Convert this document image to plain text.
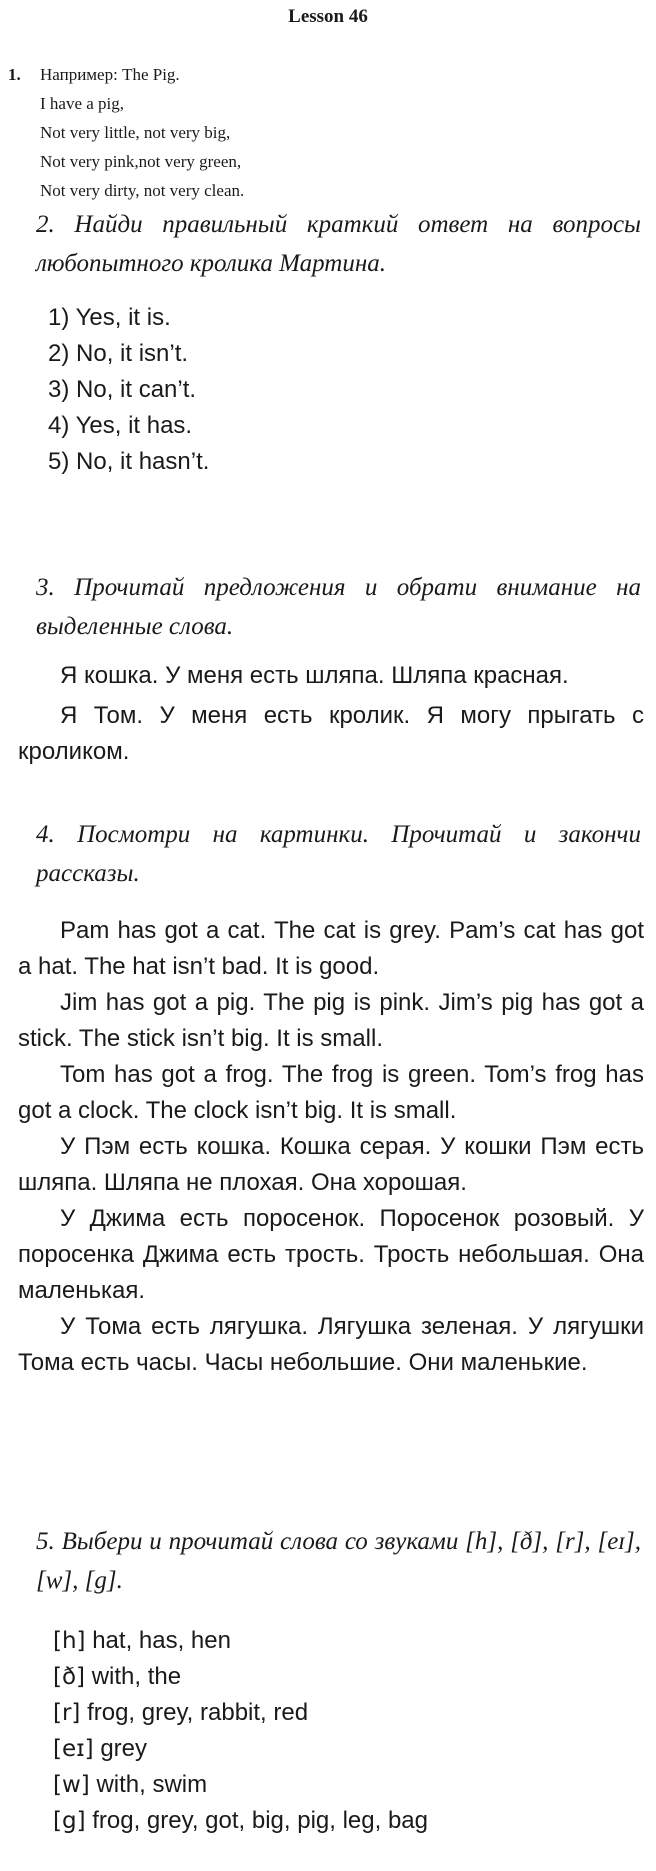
Lesson 46
1. Например: The Pig.
I have a pig,
Not very little, not very big,
Not very pink,not very green,
Not very dirty, not very clean.
2. Найди правильный краткий ответ на вопросы любопытного кролика Мартина.
1) Yes, it is.
2) No, it isn’t.
3) No, it can’t.
4) Yes, it has.
5) No, it hasn’t.
3. Прочитай предложения и обрати внимание на выделенные слова.
Я кошка. У меня есть шляпа. Шляпа красная.
Я Том. У меня есть кролик. Я могу прыгать с кроликом.
4. Посмотри на картинки. Прочитай и закончи рассказы.
Pam has got a cat. The cat is grey. Pam’s cat has got a hat. The hat isn’t bad. It is good.
Jim has got a pig. The pig is pink. Jim’s pig has got a stick. The stick isn’t big. It is small.
Tom has got a frog. The frog is green. Tom’s frog has got a clock. The clock isn’t big. It is small.
У Пэм есть кошка. Кошка серая. У кошки Пэм есть шляпа. Шляпа не плохая. Она хорошая.
У Джима есть поросенок. Поросенок розовый. У поросенка Джима есть трость. Трость небольшая. Она маленькая.
У Тома есть лягушка. Лягушка зеленая. У лягушки Тома есть часы. Часы небольшие. Они маленькие.
5. Выбери и прочитай слова со звуками [h], [ð], [r], [eɪ], [w], [g].
[h] hat, has, hen
[ð] with, the
[r] frog, grey, rabbit, red
[eɪ] grey
[w] with, swim
[g] frog, grey, got, big, pig, leg, bag
